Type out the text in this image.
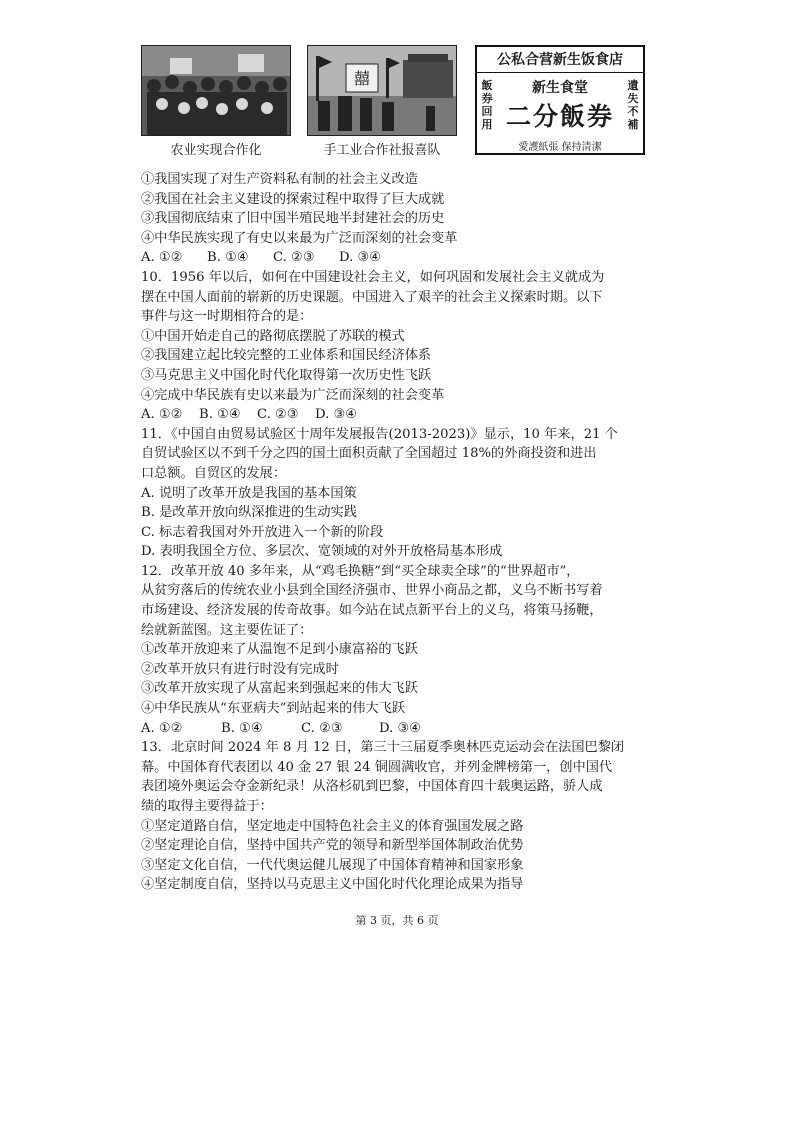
农业实现合作化
囍
手工业合作社报喜队
公私合营新生饭食店
飯券回用
新生食堂
二分飯券
愛護紙張 保持清潔
遺失不補
①我国实现了对生产资料私有制的社会主义改造
②我国在社会主义建设的探索过程中取得了巨大成就
③我国彻底结束了旧中国半殖民地半封建社会的历史
④中华民族实现了有史以来最为广泛而深刻的社会变革
A. ①② B. ①④ C. ②③ D. ③④
10．1956 年以后，如何在中国建设社会主义，如何巩固和发展社会主义就成为
摆在中国人面前的崭新的历史课题。中国进入了艰辛的社会主义探索时期。以下
事件与这一时期相符合的是：
①中国开始走自己的路彻底摆脱了苏联的模式
②我国建立起比较完整的工业体系和国民经济体系
③马克思主义中国化时代化取得第一次历史性飞跃
④完成中华民族有史以来最为广泛而深刻的社会变革
A. ①② B. ①④ C. ②③ D. ③④
11．《中国自由贸易试验区十周年发展报告(2013-2023)》显示，10 年来，21 个
自贸试验区以不到千分之四的国土面积贡献了全国超过 18%的外商投资和进出
口总额。自贸区的发展：
A. 说明了改革开放是我国的基本国策
B. 是改革开放向纵深推进的生动实践
C. 标志着我国对外开放进入一个新的阶段
D. 表明我国全方位、多层次、宽领域的对外开放格局基本形成
12．改革开放 40 多年来，从“鸡毛换糖”到“买全球卖全球”的“世界超市”，
从贫穷落后的传统农业小县到全国经济强市、世界小商品之都，义乌不断书写着
市场建设、经济发展的传奇故事。如今站在试点新平台上的义乌，将策马扬鞭，
绘就新蓝图。这主要佐证了：
①改革开放迎来了从温饱不足到小康富裕的飞跃
②改革开放只有进行时没有完成时
③改革开放实现了从富起来到强起来的伟大飞跃
④中华民族从“东亚病夫”到站起来的伟大飞跃
A. ①②	B. ①④	C. ②③	D. ③④
13．北京时间 2024 年 8 月 12 日，第三十三届夏季奥林匹克运动会在法国巴黎闭
幕。中国体育代表团以 40 金 27 银 24 铜圆满收官，并列金牌榜第一，创中国代
表团境外奥运会夺金新纪录！从洛杉矶到巴黎，中国体育四十载奥运路，骄人成
绩的取得主要得益于：
①坚定道路自信，坚定地走中国特色社会主义的体育强国发展之路
②坚定理论自信，坚持中国共产党的领导和新型举国体制政治优势
③坚定文化自信，一代代奥运健儿展现了中国体育精神和国家形象
④坚定制度自信，坚持以马克思主义中国化时代化理论成果为指导
第 3 页，共 6 页
